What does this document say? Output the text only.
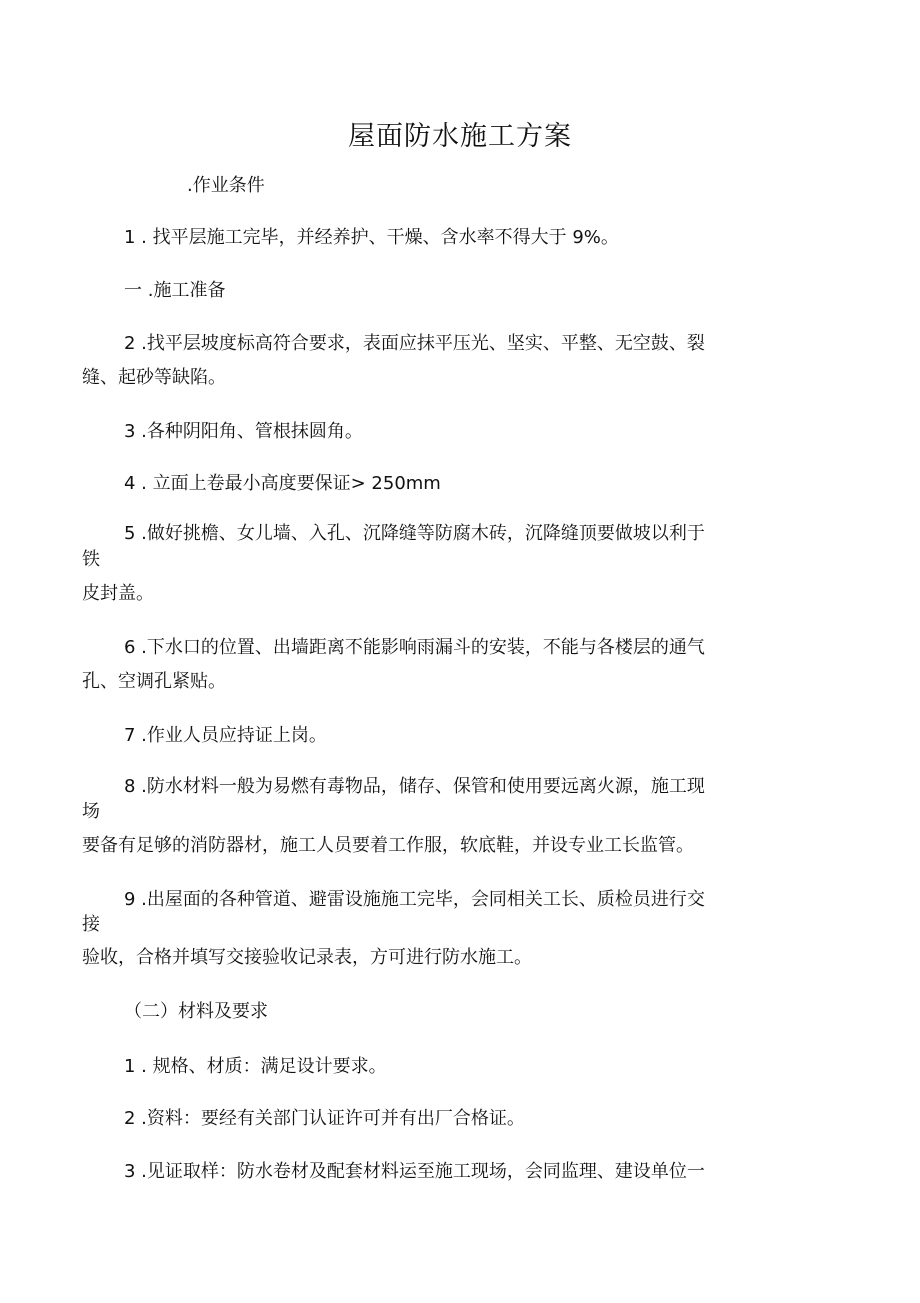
屋面防水施工方案

.作业条件

1 . 找平层施工完毕，并经养护、干燥、含水率不得大于 9%。

一 .施工准备

2 .找平层坡度标高符合要求，表面应抹平压光、坚实、平整、无空鼓、裂

缝、起砂等缺陷。

3 .各种阴阳角、管根抹圆角。

4 . 立面上卷最小高度要保证> 250mm

5 .做好挑檐、女儿墙、入孔、沉降缝等防腐木砖，沉降缝顶要做坡以利于

铁

皮封盖。

6 .下水口的位置、出墙距离不能影响雨漏斗的安装，不能与各楼层的通气

孔、空调孔紧贴。

7 .作业人员应持证上岗。

8 .防水材料一般为易燃有毒物品，储存、保管和使用要远离火源，施工现

场

要备有足够的消防器材，施工人员要着工作服，软底鞋，并设专业工长监管。

9 .出屋面的各种管道、避雷设施施工完毕，会同相关工长、质检员进行交

接

验收，合格并填写交接验收记录表，方可进行防水施工。

（二）材料及要求

1 . 规格、材质：满足设计要求。

2 .资料：要经有关部门认证许可并有出厂合格证。

3 .见证取样：防水卷材及配套材料运至施工现场，会同监理、建设单位一
